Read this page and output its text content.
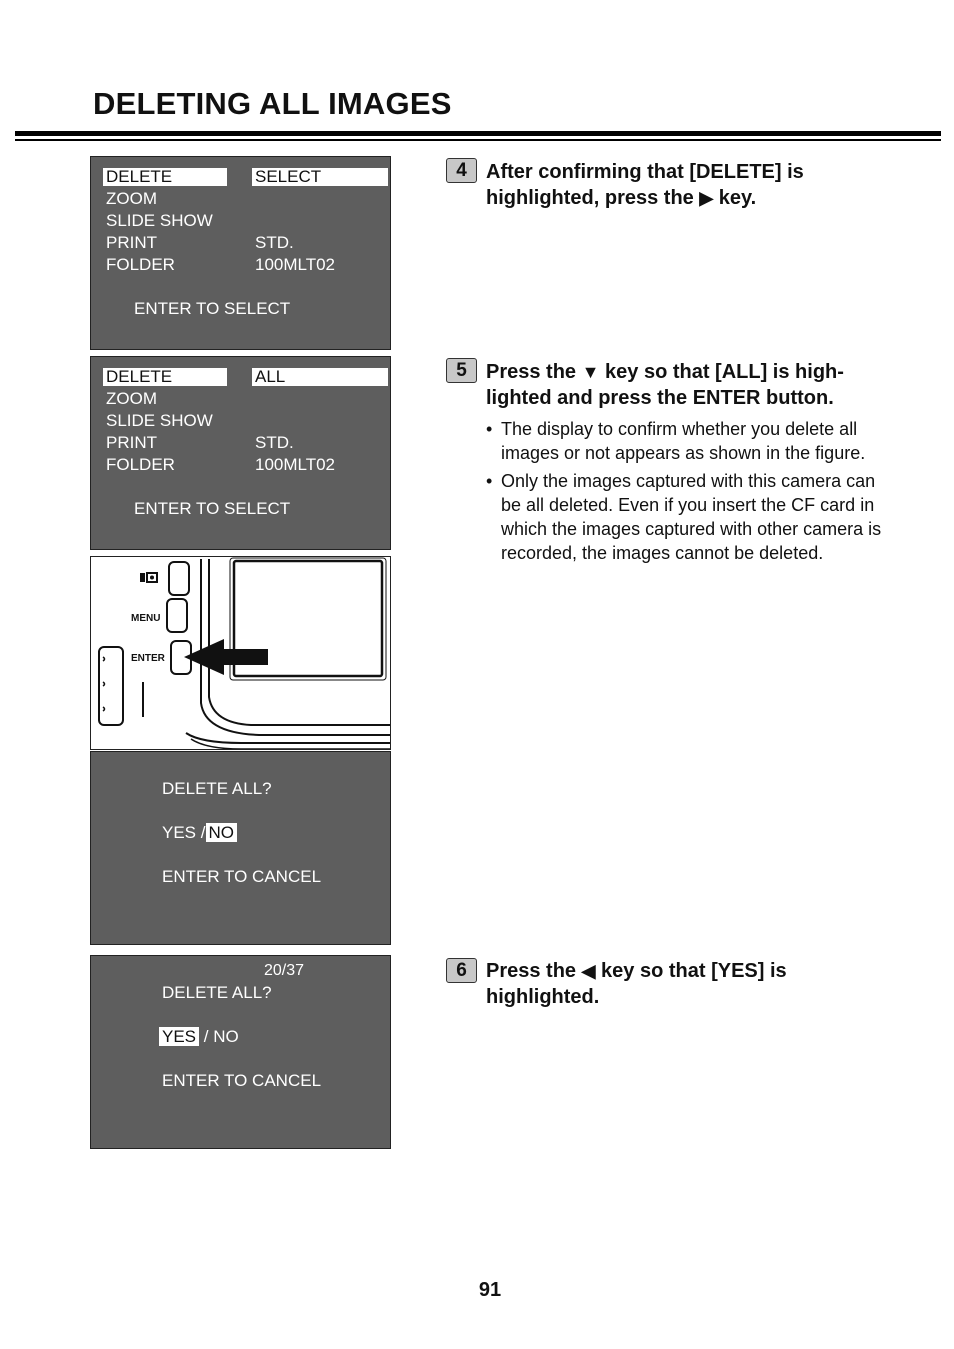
DELETING ALL IMAGES
DELETE	SELECT
ZOOM
SLIDE SHOW
PRINT	STD.
FOLDER	100MLT02
ENTER TO SELECT
DELETE	ALL
ZOOM
SLIDE SHOW
PRINT	STD.
FOLDER	100MLT02
ENTER TO SELECT
MENU
ENTER
DELETE ALL?
YES / NO
ENTER TO CANCEL
20/37
DELETE ALL?
YES / NO
ENTER TO CANCEL
4 After confirming that [DELETE] is
highlighted, press the ▶ key.
5 Press the ▼ key so that [ALL] is high-
lighted and press the ENTER button.
• The display to confirm whether you delete all images or not appears as shown in the figure.
• Only the images captured with this camera can be all deleted. Even if you insert the CF card in which the images captured with other camera is recorded, the images cannot be deleted.
6 Press the ◀ key so that [YES] is
highlighted.
91
